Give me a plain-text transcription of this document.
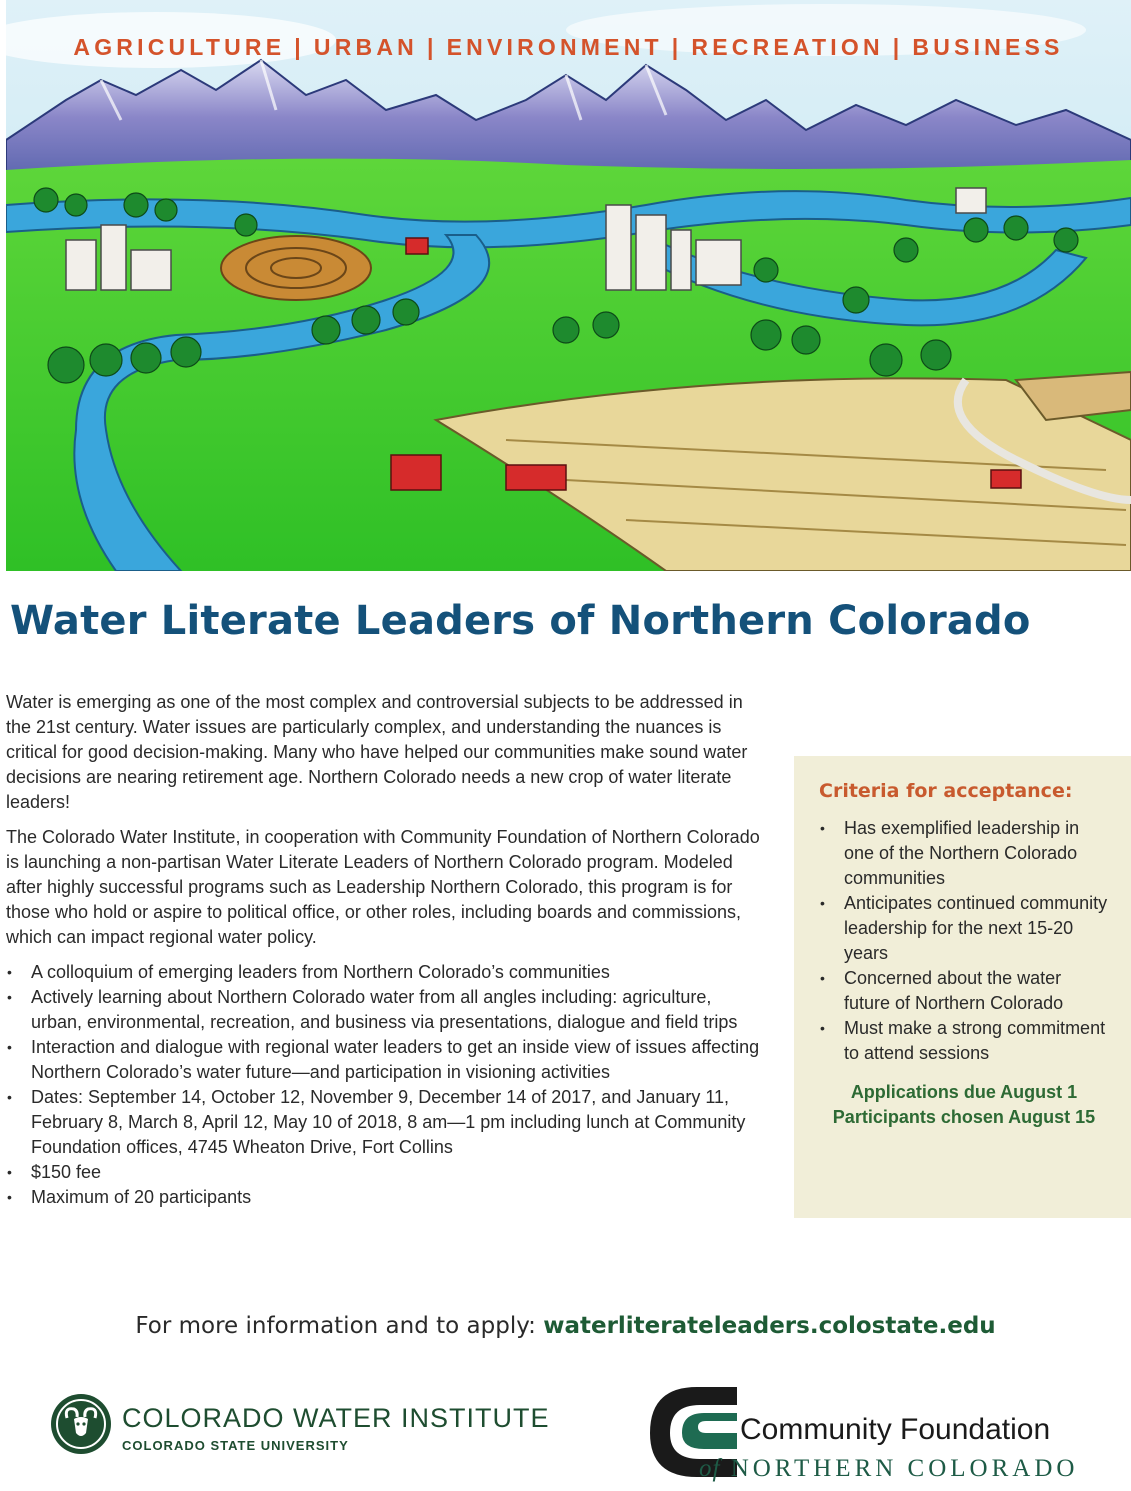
AGRICULTURE | URBAN | ENVIRONMENT | RECREATION | BUSINESS
Water Literate Leaders of Northern Colorado

Water is emerging as one of the most complex and controversial subjects to be addressed in the 21st century. Water issues are particularly complex, and understanding the nuances is critical for good decision-making. Many who have helped our communities make sound water decisions are nearing retirement age. Northern Colorado needs a new crop of water literate leaders!

The Colorado Water Institute, in cooperation with Community Foundation of Northern Colorado is launching a non-partisan Water Literate Leaders of Northern Colorado program. Modeled after highly successful programs such as Leadership Northern Colorado, this program is for those who hold or aspire to political office, or other roles, including boards and commissions, which can impact regional water policy.

• A colloquium of emerging leaders from Northern Colorado’s communities
• Actively learning about Northern Colorado water from all angles including: agriculture, urban, environmental, recreation, and business via presentations, dialogue and field trips
• Interaction and dialogue with regional water leaders to get an inside view of issues affecting Northern Colorado’s water future—and participation in visioning activities
• Dates: September 14, October 12, November 9, December 14 of 2017, and January 11, February 8, March 8, April 12, May 10 of 2018, 8 am—1 pm including lunch at Community Foundation offices, 4745 Wheaton Drive, Fort Collins
• $150 fee
• Maximum of 20 participants
Criteria for acceptance:
• Has exemplified leadership in one of the Northern Colorado communities
• Anticipates continued community leadership for the next 15-20 years
• Concerned about the water future of Northern Colorado
• Must make a strong commitment to attend sessions
Applications due August 1
Participants chosen August 15
For more information and to apply: waterliterateleaders.colostate.edu
COLORADO WATER INSTITUTE
COLORADO STATE UNIVERSITY	Community Foundation
of NORTHERN COLORADO
